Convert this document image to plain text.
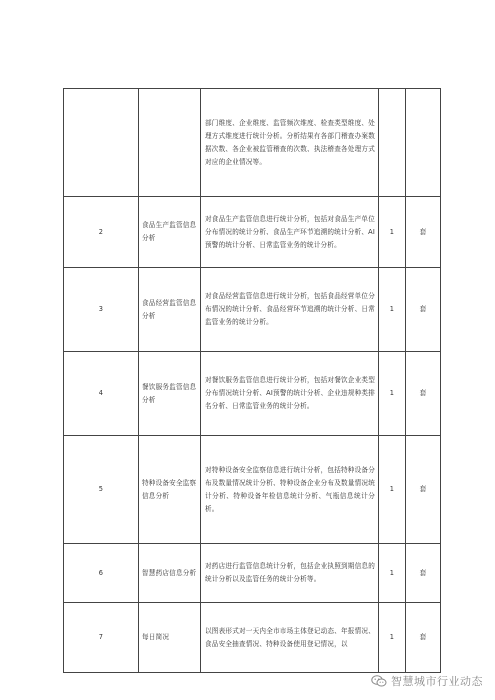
		部门维度、企业维度、监管频次维度、检查类型维度、处理方式维度进行统计分析。分析结果有各部门稽查办案数据次数、各企业被监管稽查的次数、执法稽查各处理方式对应的企业情况等。		
2	食品生产监管信息分析	对食品生产监管信息进行统计分析，包括对食品生产单位分布情况的统计分析、食品生产环节追溯的统计分析、AI预警的统计分析、日常监管业务的统计分析。	1	套
3	食品经营监管信息分析	对食品经营监管信息进行统计分析，包括食品经营单位分布情况的统计分析、食品经营环节追溯的统计分析、日常监管业务的统计分析。	1	套
4	餐饮服务监管信息分析	对餐饮服务监管信息进行统计分析，包括对餐饮企业类型分布情况统计分析、AI预警的统计分析、企业违规种类排名分析、日常监管业务的统计分析。	1	套
5	特种设备安全监察信息分析	对特种设备安全监察信息进行统计分析，包括特种设备分布及数量情况统计分析、特种设备企业分布及数量情况统计分析、特种设备年检信息统计分析、气瓶信息统计分析。	1	套
6	智慧药店信息分析	对药店进行监管信息统计分析，包括企业执照到期信息的统计分析以及监管任务的统计分析等。	1	套
7	每日简况	以图表形式对一天内全市市场主体登记动态、年报情况、食品安全抽查情况、特种设备使用登记情况，以	1	套
智慧城市行业动态
